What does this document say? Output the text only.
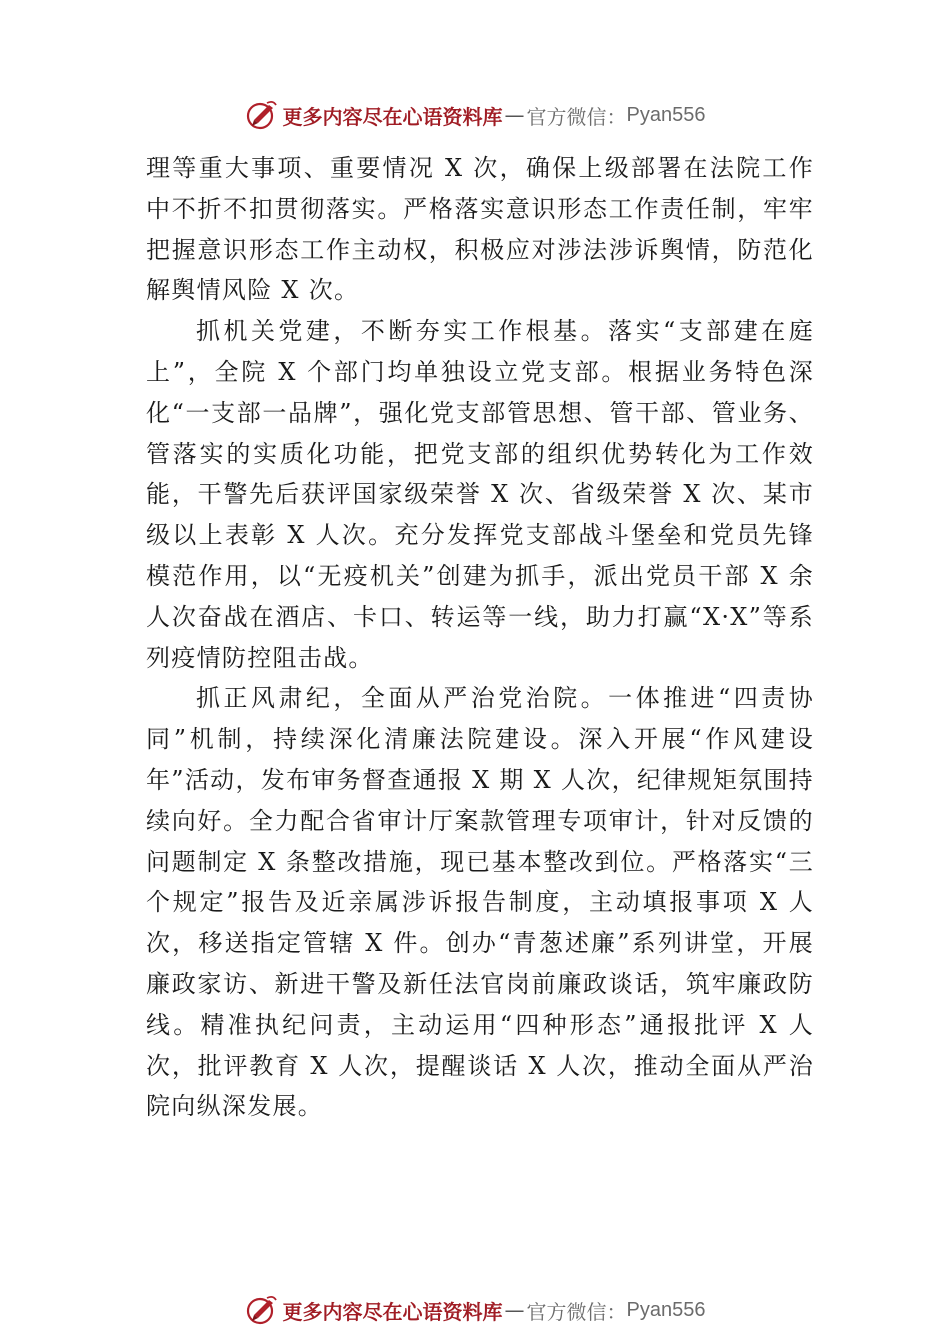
更多内容尽在心语资料库 — 官方微信： Pyan556

理等重大事项、重要情况 X 次，确保上级部署在法院工作中不折不扣贯彻落实。严格落实意识形态工作责任制，牢牢把握意识形态工作主动权，积极应对涉法涉诉舆情，防范化解舆情风险 X 次。

抓机关党建，不断夯实工作根基。落实“支部建在庭上”，全院 X 个部门均单独设立党支部。根据业务特色深化“一支部一品牌”，强化党支部管思想、管干部、管业务、管落实的实质化功能，把党支部的组织优势转化为工作效能，干警先后获评国家级荣誉 X 次、省级荣誉 X 次、某市级以上表彰 X 人次。充分发挥党支部战斗堡垒和党员先锋模范作用，以“无疫机关”创建为抓手，派出党员干部 X 余人次奋战在酒店、卡口、转运等一线，助力打赢“X·X”等系列疫情防控阻击战。

抓正风肃纪，全面从严治党治院。一体推进“四责协同”机制，持续深化清廉法院建设。深入开展“作风建设年”活动，发布审务督查通报 X 期 X 人次，纪律规矩氛围持续向好。全力配合省审计厅案款管理专项审计，针对反馈的问题制定 X 条整改措施，现已基本整改到位。严格落实“三个规定”报告及近亲属涉诉报告制度，主动填报事项 X 人次，移送指定管辖 X 件。创办“青葱述廉”系列讲堂，开展廉政家访、新进干警及新任法官岗前廉政谈话，筑牢廉政防线。精准执纪问责，主动运用“四种形态”通报批评 X 人次，批评教育 X 人次，提醒谈话 X 人次，推动全面从严治院向纵深发展。

更多内容尽在心语资料库 — 官方微信： Pyan556
